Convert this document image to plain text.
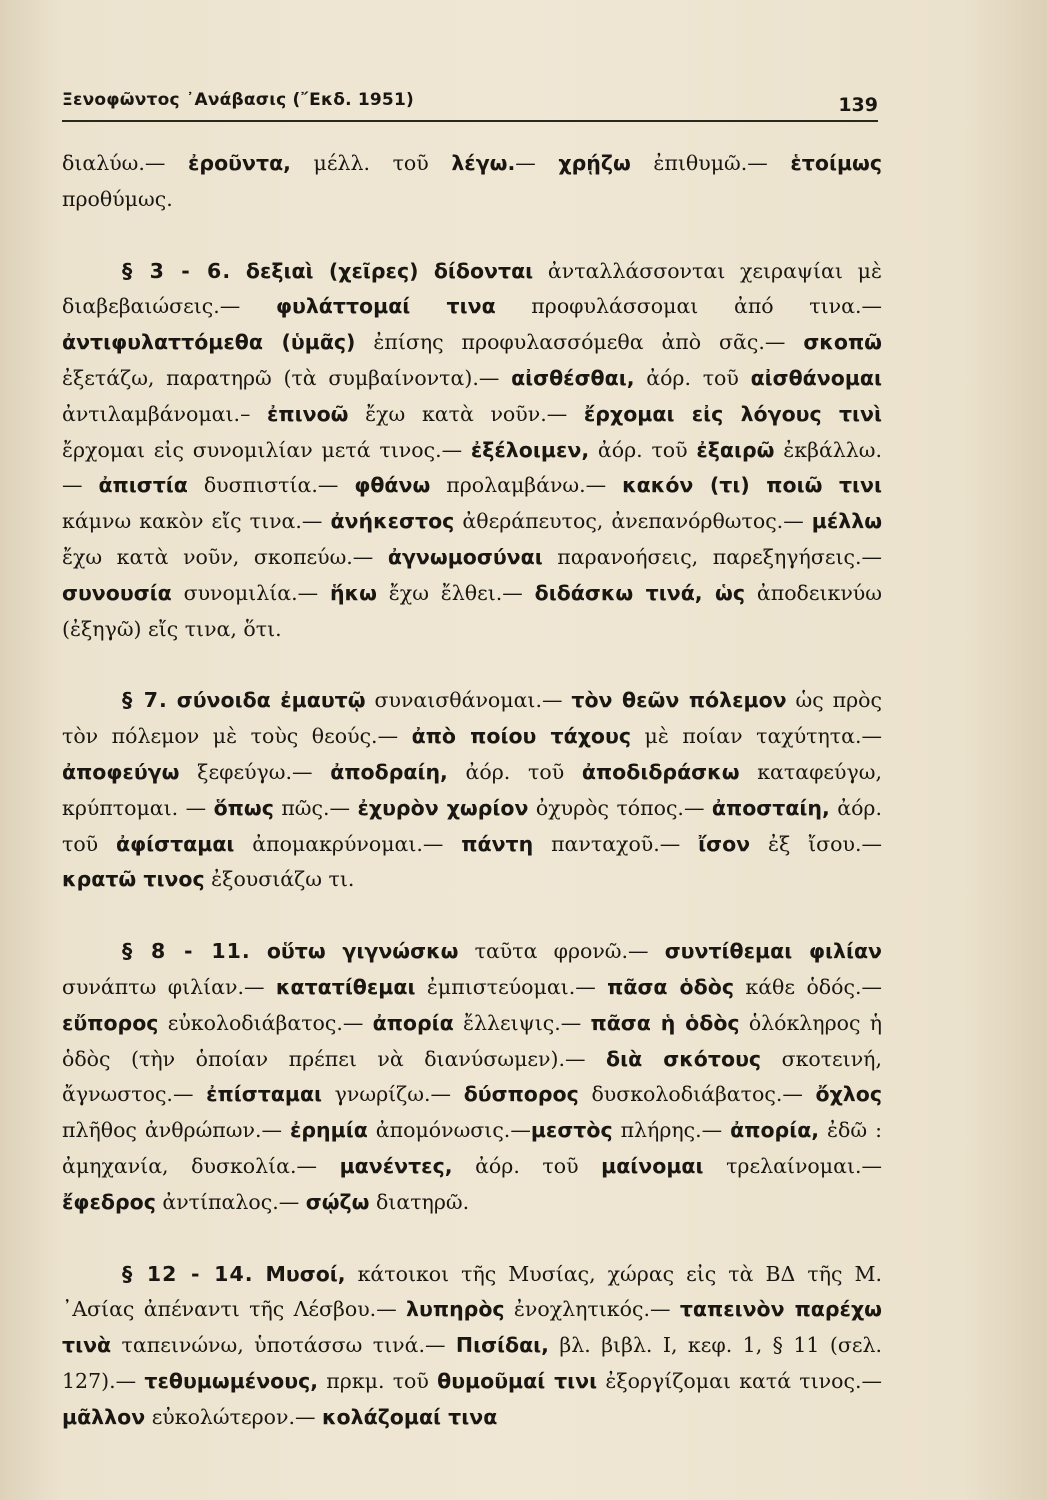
Ξενοφῶντος ᾿Ανάβασις (῎Εκδ. 1951)	139

διαλύω.— ἐροῦντα, μέλλ. τοῦ λέγω.— χρῄζω ἐπιθυμῶ.— ἑτοίμως προθύμως.

§ 3 - 6. δεξιαὶ (χεῖρες) δίδονται ἀνταλλάσσονται χειραψίαι μὲ διαβεβαιώσεις.— φυλάττομαί τινα προφυλάσσομαι ἀπό τινα.— ἀντιφυλαττόμεθα (ὑμᾶς) ἐπίσης προφυλασσόμεθα ἀπὸ σᾶς.— σκοπῶ ἐξετάζω, παρατηρῶ (τὰ συμβαίνοντα).— αἰσθέσθαι, ἀόρ. τοῦ αἰσθάνομαι ἀντιλαμβάνομαι.– ἐπινοῶ ἔχω κατὰ νοῦν.— ἔρχομαι εἰς λόγους τινὶ ἔρχομαι εἰς συνομιλίαν μετά τινος.— ἐξέλοιμεν, ἀόρ. τοῦ ἐξαιρῶ ἐκβάλλω.— ἀπιστία δυσπιστία.— φθάνω προλαμβάνω.— κακόν (τι) ποιῶ τινι κάμνω κακὸν εἴς τινα.— ἀνήκεστος ἀθεράπευτος, ἀνεπανόρθωτος.— μέλλω ἔχω κατὰ νοῦν, σκοπεύω.— ἀγνωμοσύναι παρανοήσεις, παρεξηγήσεις.— συνουσία συνομιλία.— ἥκω ἔχω ἔλθει.— διδάσκω τινά, ὡς ἀποδεικνύω (ἐξηγῶ) εἴς τινα, ὅτι.

§ 7. σύνοιδα ἐμαυτῷ συναισθάνομαι.— τὸν θεῶν πόλεμον ὡς πρὸς τὸν πόλεμον μὲ τοὺς θεούς.— ἀπὸ ποίου τάχους μὲ ποίαν ταχύτητα.— ἀποφεύγω ξεφεύγω.— ἀποδραίη, ἀόρ. τοῦ ἀποδιδράσκω καταφεύγω, κρύπτομαι. — ὅπως πῶς.— ἐχυρὸν χωρίον ὀχυρὸς τόπος.— ἀποσταίη, ἀόρ. τοῦ ἀφίσταμαι ἀπομακρύνομαι.— πάντη πανταχοῦ.— ἴσον ἐξ ἴσου.— κρατῶ τινος ἐξουσιάζω τι.

§ 8 - 11. οὕτω γιγνώσκω ταῦτα φρονῶ.— συντίθεμαι φιλίαν συνάπτω φιλίαν.— κατατίθεμαι ἐμπιστεύομαι.— πᾶσα ὁδὸς κάθε ὁδός.— εὔπορος εὐκολοδιάβατος.— ἀπορία ἔλλειψις.— πᾶσα ἡ ὁδὸς ὁλόκληρος ἡ ὁδὸς (τὴν ὁποίαν πρέπει νὰ διανύσωμεν).— διὰ σκότους σκοτεινή, ἄγνωστος.— ἐπίσταμαι γνωρίζω.— δύσπορος δυσκολοδιάβατος.— ὄχλος πλῆθος ἀνθρώπων.— ἐρημία ἀπομόνωσις.—μεστὸς πλήρης.— ἀπορία, ἐδῶ : ἀμηχανία, δυσκολία.— μανέντες, ἀόρ. τοῦ μαίνομαι τρελαίνομαι.— ἔφεδρος ἀντίπαλος.— σῴζω διατηρῶ.

§ 12 - 14. Μυσοί, κάτοικοι τῆς Μυσίας, χώρας εἰς τὰ ΒΔ τῆς Μ. ᾿Ασίας ἀπέναντι τῆς Λέσβου.— λυπηρὸς ἐνοχλητικός.— ταπεινὸν παρέχω τινὰ ταπεινώνω, ὑποτάσσω τινά.— Πισίδαι, βλ. βιβλ. Ι, κεφ. 1, § 11 (σελ. 127).— τεθυμωμένους, πρκμ. τοῦ θυμοῦμαί τινι ἐξοργίζομαι κατά τινος.— μᾶλλον εὐκολώτερον.— κολάζομαί τινα
